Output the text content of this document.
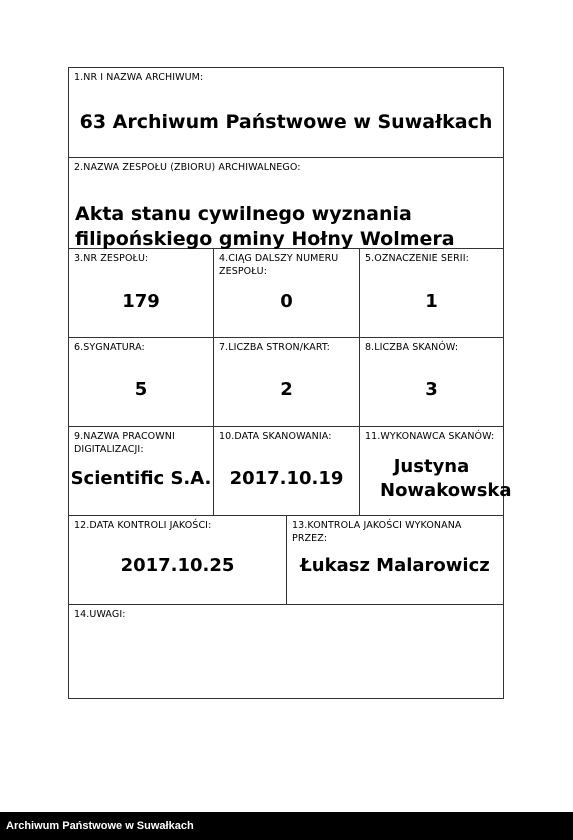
1.NR I NAZWA ARCHIWUM:
63 Archiwum Państwowe w Suwałkach
2.NAZWA ZESPOŁU (ZBIORU) ARCHIWALNEGO:
Akta stanu cywilnego wyznania filipońskiego gminy Hołny Wolmera
3.NR ZESPOŁU:
179
4.CIĄG DALSZY NUMERU ZESPOŁU:
0
5.OZNACZENIE SERII:
1
6.SYGNATURA:
5
7.LICZBA STRON/KART:
2
8.LICZBA SKANÓW:
3
9.NAZWA PRACOWNI DIGITALIZACJI:
Scientific S.A.
10.DATA SKANOWANIA:
2017.10.19
11.WYKONAWCA SKANÓW:
Justyna Nowakowska
12.DATA KONTROLI JAKOŚCI:
2017.10.25
13.KONTROLA JAKOŚCI WYKONANA PRZEZ:
Łukasz Malarowicz
14.UWAGI:
Archiwum Państwowe w Suwałkach
